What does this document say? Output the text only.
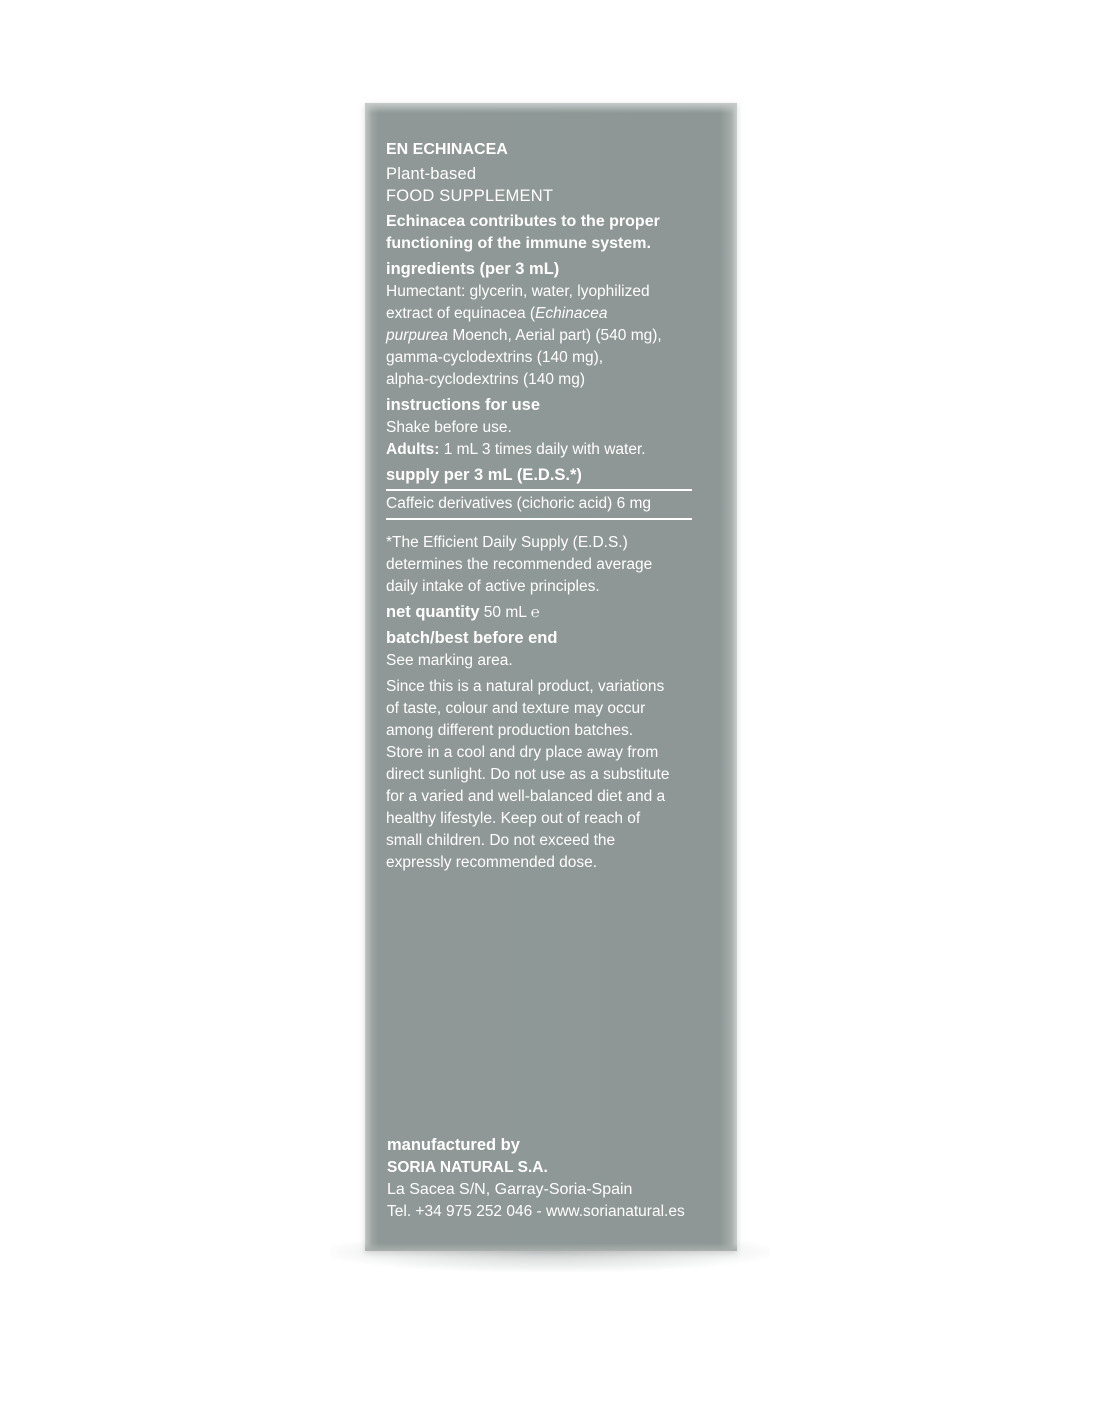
EN ECHINACEA
Plant-based
FOOD SUPPLEMENT
Echinacea contributes to the proper
functioning of the immune system.
ingredients (per 3 mL)
Humectant: glycerin, water, lyophilized
extract of equinacea (Echinacea
purpurea Moench, Aerial part) (540 mg),
gamma-cyclodextrins (140 mg),
alpha-cyclodextrins (140 mg)
instructions for use
Shake before use.
Adults: 1 mL 3 times daily with water.
supply per 3 mL (E.D.S.*)
Caffeic derivatives (cichoric acid) 6 mg
*The Efficient Daily Supply (E.D.S.)
determines the recommended average
daily intake of active principles.
net quantity 50 mL ℮
batch/best before end
See marking area.
Since this is a natural product, variations
of taste, colour and texture may occur
among different production batches.
Store in a cool and dry place away from
direct sunlight. Do not use as a substitute
for a varied and well-balanced diet and a
healthy lifestyle. Keep out of reach of
small children. Do not exceed the
expressly recommended dose.
manufactured by
SORIA NATURAL S.A.
La Sacea S/N, Garray-Soria-Spain
Tel. +34 975 252 046 - www.sorianatural.es
